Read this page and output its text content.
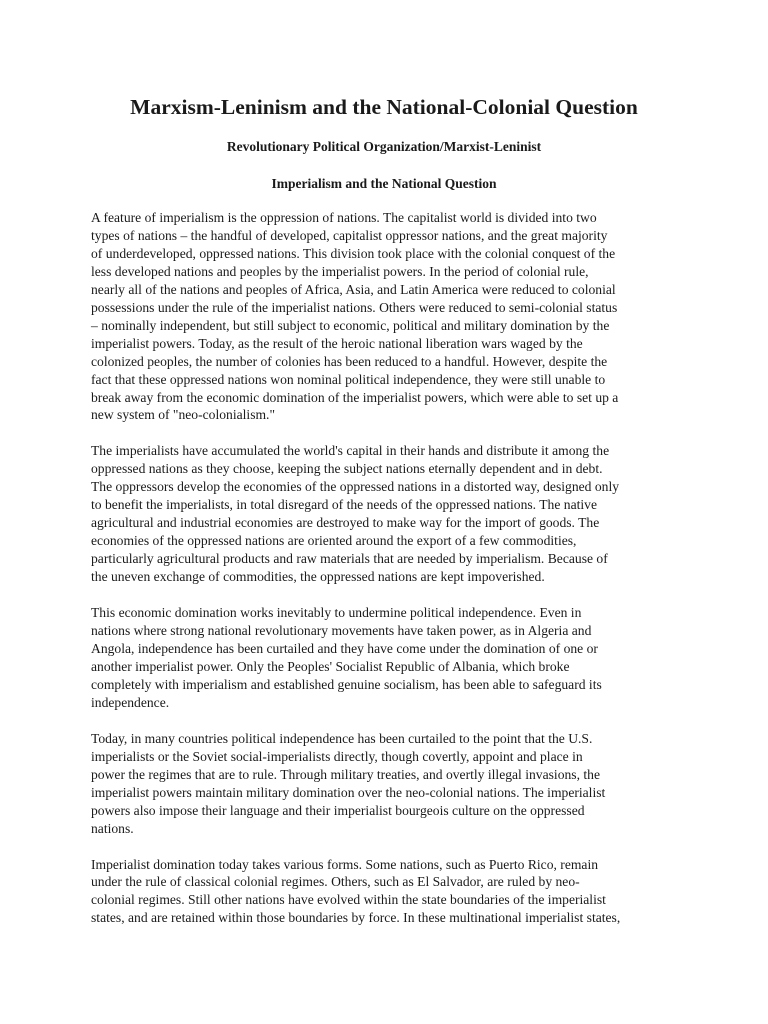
Marxism-Leninism and the National-Colonial Question
Revolutionary Political Organization/Marxist-Leninist
Imperialism and the National Question

A feature of imperialism is the oppression of nations. The capitalist world is divided into two
types of nations – the handful of developed, capitalist oppressor nations, and the great majority
of underdeveloped, oppressed nations. This division took place with the colonial conquest of the
less developed nations and peoples by the imperialist powers. In the period of colonial rule,
nearly all of the nations and peoples of Africa, Asia, and Latin America were reduced to colonial
possessions under the rule of the imperialist nations. Others were reduced to semi-colonial status
– nominally independent, but still subject to economic, political and military domination by the
imperialist powers. Today, as the result of the heroic national liberation wars waged by the
colonized peoples, the number of colonies has been reduced to a handful. However, despite the
fact that these oppressed nations won nominal political independence, they were still unable to
break away from the economic domination of the imperialist powers, which were able to set up a
new system of "neo-colonialism."

The imperialists have accumulated the world's capital in their hands and distribute it among the
oppressed nations as they choose, keeping the subject nations eternally dependent and in debt.
The oppressors develop the economies of the oppressed nations in a distorted way, designed only
to benefit the imperialists, in total disregard of the needs of the oppressed nations. The native
agricultural and industrial economies are destroyed to make way for the import of goods. The
economies of the oppressed nations are oriented around the export of a few commodities,
particularly agricultural products and raw materials that are needed by imperialism. Because of
the uneven exchange of commodities, the oppressed nations are kept impoverished.

This economic domination works inevitably to undermine political independence. Even in
nations where strong national revolutionary movements have taken power, as in Algeria and
Angola, independence has been curtailed and they have come under the domination of one or
another imperialist power. Only the Peoples' Socialist Republic of Albania, which broke
completely with imperialism and established genuine socialism, has been able to safeguard its
independence.

Today, in many countries political independence has been curtailed to the point that the U.S.
imperialists or the Soviet social-imperialists directly, though covertly, appoint and place in
power the regimes that are to rule. Through military treaties, and overtly illegal invasions, the
imperialist powers maintain military domination over the neo-colonial nations. The imperialist
powers also impose their language and their imperialist bourgeois culture on the oppressed
nations.

Imperialist domination today takes various forms. Some nations, such as Puerto Rico, remain
under the rule of classical colonial regimes. Others, such as El Salvador, are ruled by neo-
colonial regimes. Still other nations have evolved within the state boundaries of the imperialist
states, and are retained within those boundaries by force. In these multinational imperialist states,
